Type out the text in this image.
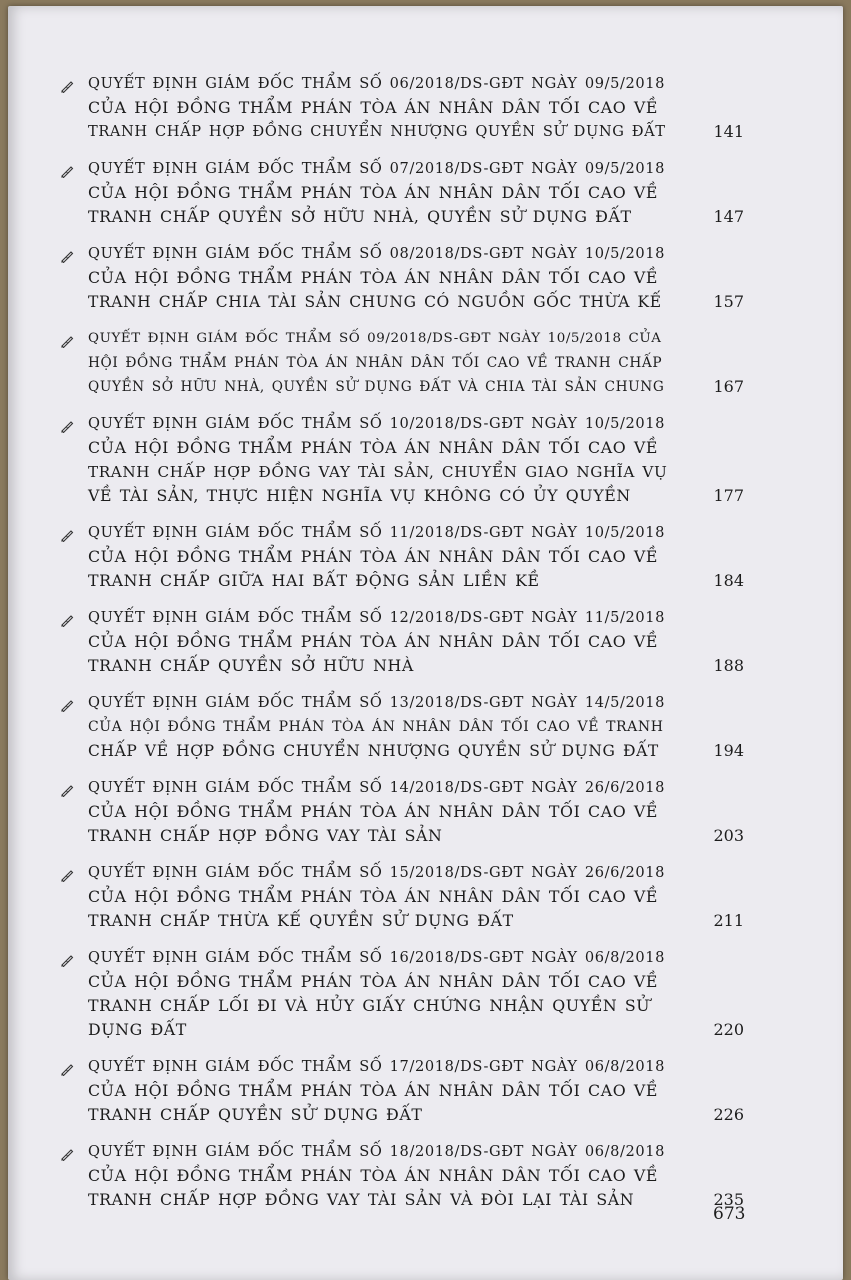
QUYẾT ĐỊNH GIÁM ĐỐC THẨM SỐ 06/2018/DS-GĐT NGÀY 09/5/2018
CỦA HỘI ĐỒNG THẨM PHÁN TÒA ÁN NHÂN DÂN TỐI CAO VỀ
TRANH CHẤP HỢP ĐỒNG CHUYỂN NHƯỢNG QUYỀN SỬ DỤNG ĐẤT	141
QUYẾT ĐỊNH GIÁM ĐỐC THẨM SỐ 07/2018/DS-GĐT NGÀY 09/5/2018
CỦA HỘI ĐỒNG THẨM PHÁN TÒA ÁN NHÂN DÂN TỐI CAO VỀ
TRANH CHẤP QUYỀN SỞ HỮU NHÀ, QUYỀN SỬ DỤNG ĐẤT	147
QUYẾT ĐỊNH GIÁM ĐỐC THẨM SỐ 08/2018/DS-GĐT NGÀY 10/5/2018
CỦA HỘI ĐỒNG THẨM PHÁN TÒA ÁN NHÂN DÂN TỐI CAO VỀ
TRANH CHẤP CHIA TÀI SẢN CHUNG CÓ NGUỒN GỐC THỪA KẾ	157
QUYẾT ĐỊNH GIÁM ĐỐC THẨM SỐ 09/2018/DS-GĐT NGÀY 10/5/2018 CỦA
HỘI ĐỒNG THẨM PHÁN TÒA ÁN NHÂN DÂN TỐI CAO VỀ TRANH CHẤP
QUYỀN SỞ HỮU NHÀ, QUYỀN SỬ DỤNG ĐẤT VÀ CHIA TÀI SẢN CHUNG	167
QUYẾT ĐỊNH GIÁM ĐỐC THẨM SỐ 10/2018/DS-GĐT NGÀY 10/5/2018
CỦA HỘI ĐỒNG THẨM PHÁN TÒA ÁN NHÂN DÂN TỐI CAO VỀ
TRANH CHẤP HỢP ĐỒNG VAY TÀI SẢN, CHUYỂN GIAO NGHĨA VỤ
VỀ TÀI SẢN, THỰC HIỆN NGHĨA VỤ KHÔNG CÓ ỦY QUYỀN	177
QUYẾT ĐỊNH GIÁM ĐỐC THẨM SỐ 11/2018/DS-GĐT NGÀY 10/5/2018
CỦA HỘI ĐỒNG THẨM PHÁN TÒA ÁN NHÂN DÂN TỐI CAO VỀ
TRANH CHẤP GIỮA HAI BẤT ĐỘNG SẢN LIỀN KỀ	184
QUYẾT ĐỊNH GIÁM ĐỐC THẨM SỐ 12/2018/DS-GĐT NGÀY 11/5/2018
CỦA HỘI ĐỒNG THẨM PHÁN TÒA ÁN NHÂN DÂN TỐI CAO VỀ
TRANH CHẤP QUYỀN SỞ HỮU NHÀ	188
QUYẾT ĐỊNH GIÁM ĐỐC THẨM SỐ 13/2018/DS-GĐT NGÀY 14/5/2018
CỦA HỘI ĐỒNG THẨM PHÁN TÒA ÁN NHÂN DÂN TỐI CAO VỀ TRANH
CHẤP VỀ HỢP ĐỒNG CHUYỂN NHƯỢNG QUYỀN SỬ DỤNG ĐẤT	194
QUYẾT ĐỊNH GIÁM ĐỐC THẨM SỐ 14/2018/DS-GĐT NGÀY 26/6/2018
CỦA HỘI ĐỒNG THẨM PHÁN TÒA ÁN NHÂN DÂN TỐI CAO VỀ
TRANH CHẤP HỢP ĐỒNG VAY TÀI SẢN	203
QUYẾT ĐỊNH GIÁM ĐỐC THẨM SỐ 15/2018/DS-GĐT NGÀY 26/6/2018
CỦA HỘI ĐỒNG THẨM PHÁN TÒA ÁN NHÂN DÂN TỐI CAO VỀ
TRANH CHẤP THỪA KẾ QUYỀN SỬ DỤNG ĐẤT	211
QUYẾT ĐỊNH GIÁM ĐỐC THẨM SỐ 16/2018/DS-GĐT NGÀY 06/8/2018
CỦA HỘI ĐỒNG THẨM PHÁN TÒA ÁN NHÂN DÂN TỐI CAO VỀ
TRANH CHẤP LỐI ĐI VÀ HỦY GIẤY CHỨNG NHẬN QUYỀN SỬ
DỤNG ĐẤT	220
QUYẾT ĐỊNH GIÁM ĐỐC THẨM SỐ 17/2018/DS-GĐT NGÀY 06/8/2018
CỦA HỘI ĐỒNG THẨM PHÁN TÒA ÁN NHÂN DÂN TỐI CAO VỀ
TRANH CHẤP QUYỀN SỬ DỤNG ĐẤT	226
QUYẾT ĐỊNH GIÁM ĐỐC THẨM SỐ 18/2018/DS-GĐT NGÀY 06/8/2018
CỦA HỘI ĐỒNG THẨM PHÁN TÒA ÁN NHÂN DÂN TỐI CAO VỀ
TRANH CHẤP HỢP ĐỒNG VAY TÀI SẢN VÀ ĐÒI LẠI TÀI SẢN	235
673
